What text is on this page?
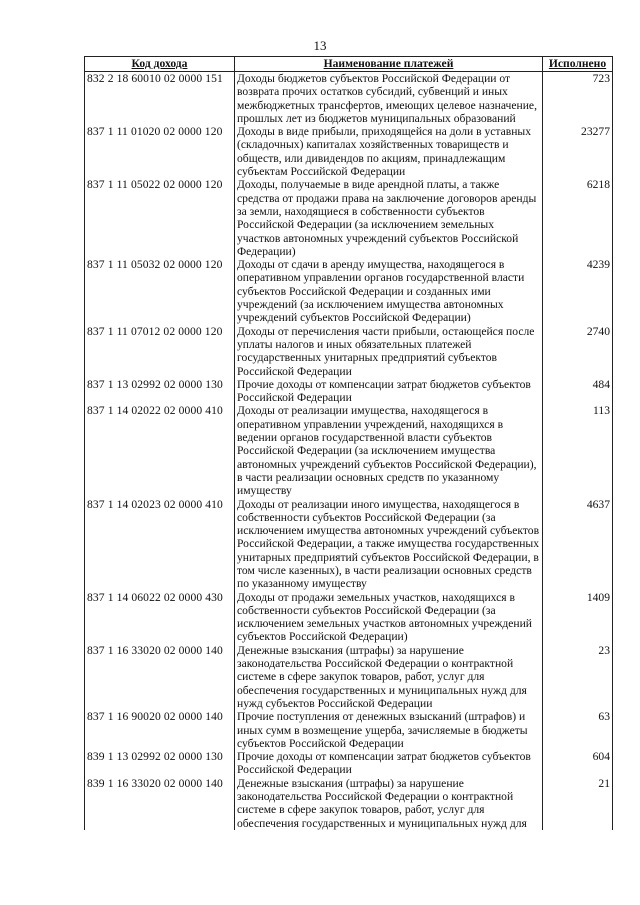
13
Код дохода	Наименование платежей	Исполнено
832 2 18 60010 02 0000 151	Доходы бюджетов субъектов Российской Федерации от возврата прочих остатков субсидий, субвенций и иных межбюджетных трансфертов, имеющих целевое назначение, прошлых лет из бюджетов муниципальных образований	723
837 1 11 01020 02 0000 120	Доходы в виде прибыли, приходящейся на доли в уставных (складочных) капиталах хозяйственных товариществ и обществ, или дивидендов по акциям, принадлежащим субъектам Российской Федерации	23277
837 1 11 05022 02 0000 120	Доходы, получаемые в виде арендной платы, а также средства от продажи права на заключение договоров аренды за земли, находящиеся в собственности субъектов Российской Федерации (за исключением земельных участков автономных учреждений субъектов Российской Федерации)	6218
837 1 11 05032 02 0000 120	Доходы от сдачи в аренду имущества, находящегося в оперативном управлении органов государственной власти субъектов Российской Федерации и созданных ими учреждений (за исключением имущества автономных учреждений субъектов Российской Федерации)	4239
837 1 11 07012 02 0000 120	Доходы от перечисления части прибыли, остающейся после уплаты налогов и иных обязательных платежей государственных унитарных предприятий субъектов Российской Федерации	2740
837 1 13 02992 02 0000 130	Прочие доходы от компенсации затрат бюджетов субъектов Российской Федерации	484
837 1 14 02022 02 0000 410	Доходы от реализации имущества, находящегося в оперативном управлении учреждений, находящихся в ведении органов государственной власти субъектов Российской Федерации (за исключением имущества автономных учреждений субъектов Российской Федерации), в части реализации основных средств по указанному имуществу	113
837 1 14 02023 02 0000 410	Доходы от реализации иного имущества, находящегося в собственности субъектов Российской Федерации (за исключением имущества автономных учреждений субъектов Российской Федерации, а также имущества государственных унитарных предприятий субъектов Российской Федерации, в том числе казенных), в части реализации основных средств по указанному имуществу	4637
837 1 14 06022 02 0000 430	Доходы от продажи земельных участков, находящихся в собственности субъектов Российской Федерации (за исключением земельных участков автономных учреждений субъектов Российской Федерации)	1409
837 1 16 33020 02 0000 140	Денежные взыскания (штрафы) за нарушение законодательства Российской Федерации о контрактной системе в сфере закупок товаров, работ, услуг для обеспечения государственных и муниципальных нужд для нужд субъектов Российской Федерации	23
837 1 16 90020 02 0000 140	Прочие поступления от денежных взысканий (штрафов) и иных сумм в возмещение ущерба, зачисляемые в бюджеты субъектов Российской Федерации	63
839 1 13 02992 02 0000 130	Прочие доходы от компенсации затрат бюджетов субъектов Российской Федерации	604
839 1 16 33020 02 0000 140	Денежные взыскания (штрафы) за нарушение законодательства Российской Федерации о контрактной системе в сфере закупок товаров, работ, услуг для обеспечения государственных и муниципальных нужд для	21
